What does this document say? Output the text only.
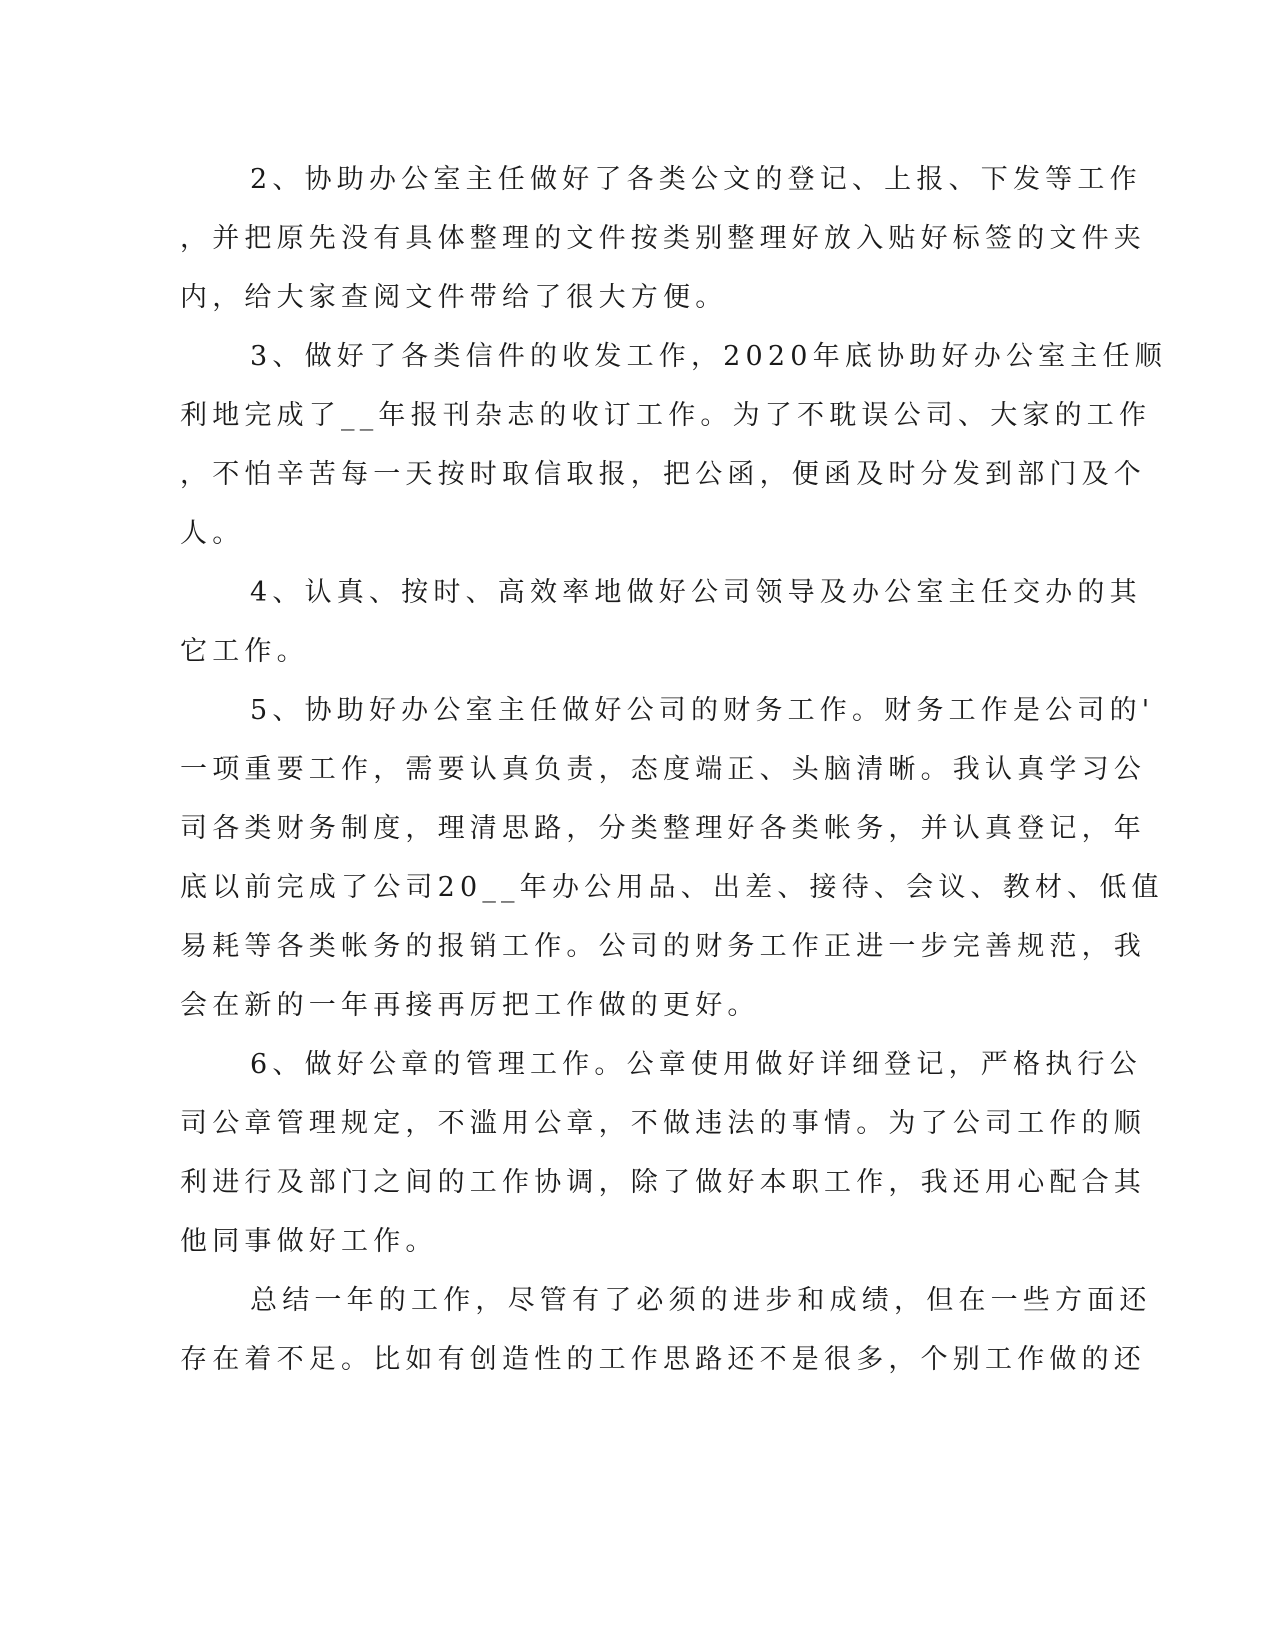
2、协助办公室主任做好了各类公文的登记、上报、下发等工作
，并把原先没有具体整理的文件按类别整理好放入贴好标签的文件夹
内，给大家查阅文件带给了很大方便。
3、做好了各类信件的收发工作，2020年底协助好办公室主任顺
利地完成了__年报刊杂志的收订工作。为了不耽误公司、大家的工作
，不怕辛苦每一天按时取信取报，把公函，便函及时分发到部门及个
人。
4、认真、按时、高效率地做好公司领导及办公室主任交办的其
它工作。
5、协助好办公室主任做好公司的财务工作。财务工作是公司的'
一项重要工作，需要认真负责，态度端正、头脑清晰。我认真学习公
司各类财务制度，理清思路，分类整理好各类帐务，并认真登记，年
底以前完成了公司20__年办公用品、出差、接待、会议、教材、低值
易耗等各类帐务的报销工作。公司的财务工作正进一步完善规范，我
会在新的一年再接再厉把工作做的更好。
6、做好公章的管理工作。公章使用做好详细登记，严格执行公
司公章管理规定，不滥用公章，不做违法的事情。为了公司工作的顺
利进行及部门之间的工作协调，除了做好本职工作，我还用心配合其
他同事做好工作。
总结一年的工作，尽管有了必须的进步和成绩，但在一些方面还
存在着不足。比如有创造性的工作思路还不是很多，个别工作做的还
